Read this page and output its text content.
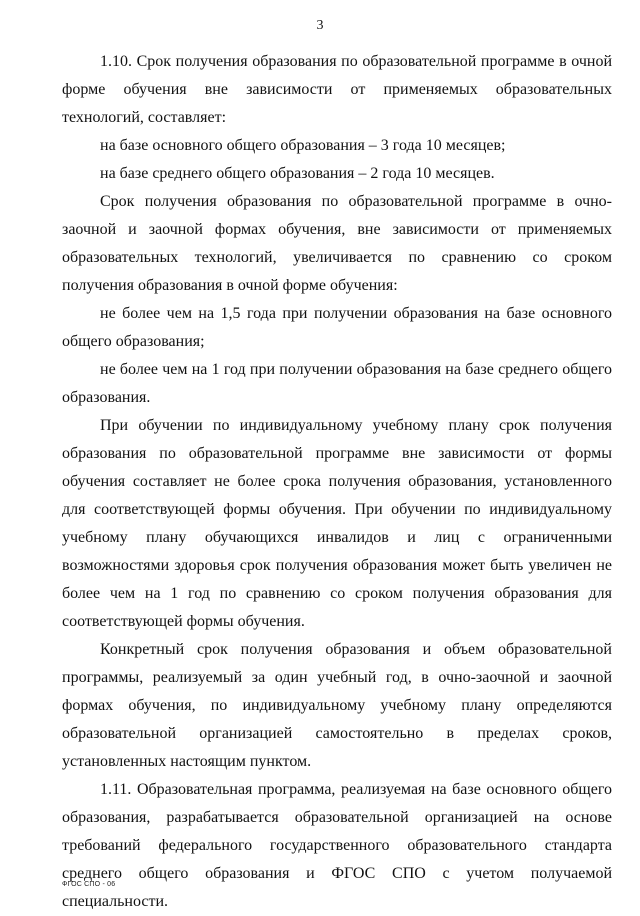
3

1.10. Срок получения образования по образовательной программе в очной форме обучения вне зависимости от применяемых образовательных технологий, составляет:

на базе основного общего образования – 3 года 10 месяцев;

на базе среднего общего образования – 2 года 10 месяцев.

Срок получения образования по образовательной программе в очно-заочной и заочной формах обучения, вне зависимости от применяемых образовательных технологий, увеличивается по сравнению со сроком получения образования в очной форме обучения:

не более чем на 1,5 года при получении образования на базе основного общего образования;

не более чем на 1 год при получении образования на базе среднего общего образования.

При обучении по индивидуальному учебному плану срок получения образования по образовательной программе вне зависимости от формы обучения составляет не более срока получения образования, установленного для соответствующей формы обучения. При обучении по индивидуальному учебному плану обучающихся инвалидов и лиц с ограниченными возможностями здоровья срок получения образования может быть увеличен не более чем на 1 год по сравнению со сроком получения образования для соответствующей формы обучения.

Конкретный срок получения образования и объем образовательной программы, реализуемый за один учебный год, в очно-заочной и заочной формах обучения, по индивидуальному учебному плану определяются образовательной организацией самостоятельно в пределах сроков, установленных настоящим пунктом.

1.11. Образовательная программа, реализуемая на базе основного общего образования, разрабатывается образовательной организацией на основе требований федерального государственного образовательного стандарта среднего общего образования и ФГОС СПО с учетом получаемой специальности.

ФГОС СПО - 06
